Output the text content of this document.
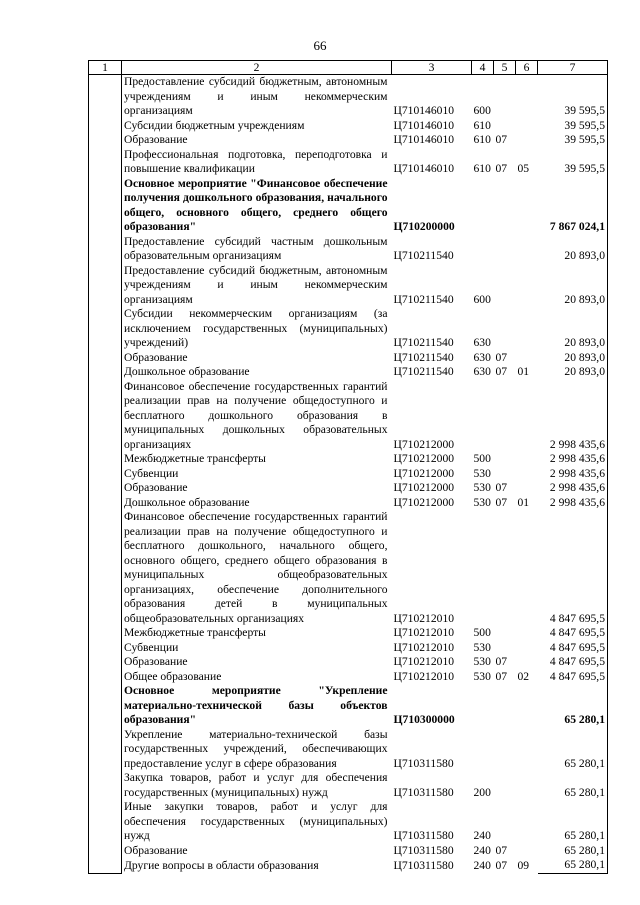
66
1	2	3	4	5	6	7
	Предоставление субсидий бюджетным, автономным учреждениям и иным некоммерческим организациям	Ц710146010	600			39 595,5
	Субсидии бюджетным учреждениям	Ц710146010	610			39 595,5
	Образование	Ц710146010	610	07		39 595,5
	Профессиональная подготовка, переподготовка и повышение квалификации	Ц710146010	610	07	05	39 595,5
	Основное мероприятие "Финансовое обеспечение получения дошкольного образования, начального общего, основного общего, среднего общего образования"	Ц710200000				7 867 024,1
	Предоставление субсидий частным дошкольным образовательным организациям	Ц710211540				20 893,0
	Предоставление субсидий бюджетным, автономным учреждениям и иным некоммерческим организациям	Ц710211540	600			20 893,0
	Субсидии некоммерческим организациям (за исключением государственных (муниципальных) учреждений)	Ц710211540	630			20 893,0
	Образование	Ц710211540	630	07		20 893,0
	Дошкольное образование	Ц710211540	630	07	01	20 893,0
	Финансовое обеспечение государственных гарантий реализации прав на получение общедоступного и бесплатного дошкольного образования в муниципальных дошкольных образовательных организациях	Ц710212000				2 998 435,6
	Межбюджетные трансферты	Ц710212000	500			2 998 435,6
	Субвенции	Ц710212000	530			2 998 435,6
	Образование	Ц710212000	530	07		2 998 435,6
	Дошкольное образование	Ц710212000	530	07	01	2 998 435,6
	Финансовое обеспечение государственных гарантий реализации прав на получение общедоступного и бесплатного дошкольного, начального общего, основного общего, среднего общего образования в муниципальных общеобразовательных организациях, обеспечение дополнительного образования детей в муниципальных общеобразовательных организациях	Ц710212010				4 847 695,5
	Межбюджетные трансферты	Ц710212010	500			4 847 695,5
	Субвенции	Ц710212010	530			4 847 695,5
	Образование	Ц710212010	530	07		4 847 695,5
	Общее образование	Ц710212010	530	07	02	4 847 695,5
	Основное мероприятие "Укрепление материально-технической базы объектов образования"	Ц710300000				65 280,1
	Укрепление материально-технической базы государственных учреждений, обеспечивающих предоставление услуг в сфере образования	Ц710311580				65 280,1
	Закупка товаров, работ и услуг для обеспечения государственных (муниципальных) нужд	Ц710311580	200			65 280,1
	Иные закупки товаров, работ и услуг для обеспечения государственных (муниципальных) нужд	Ц710311580	240			65 280,1
	Образование	Ц710311580	240	07		65 280,1
	Другие вопросы в области образования	Ц710311580	240	07	09	65 280,1
